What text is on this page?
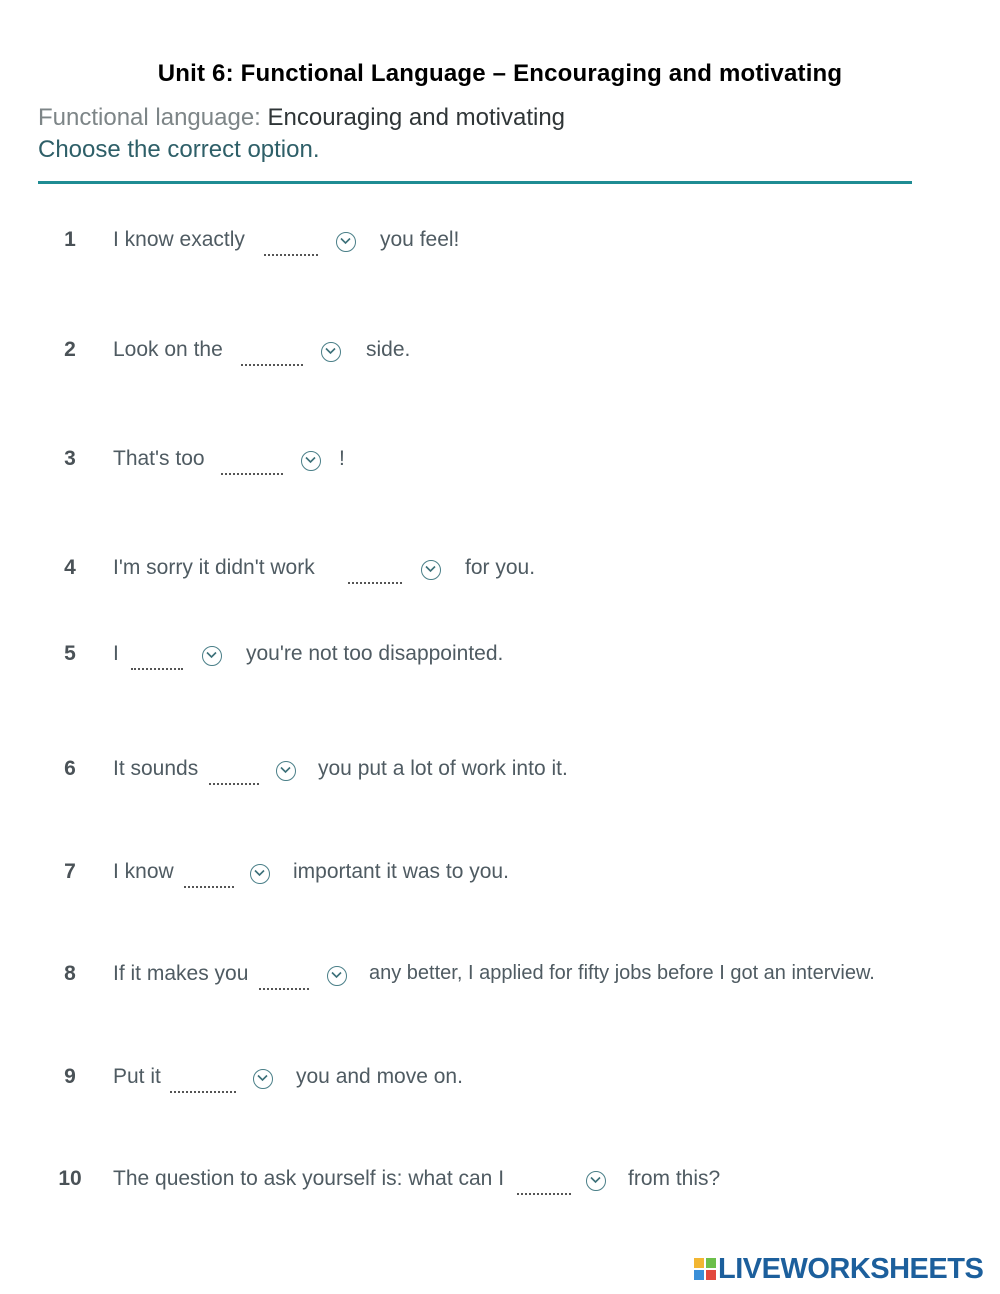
Unit 6: Functional Language – Encouraging and motivating
Functional language: Encouraging and motivating
Choose the correct option.
1	I know exactly	you feel!
2	Look on the	side.
3	That's too	!
4	I'm sorry it didn't work	for you.
5	I	you're not too disappointed.
6	It sounds	you put a lot of work into it.
7	I know	important it was to you.
8	If it makes you	any better, I applied for fifty jobs before I got an interview.
9	Put it	you and move on.
10	The question to ask yourself is: what can I	from this?
LIVEWORKSHEETS
